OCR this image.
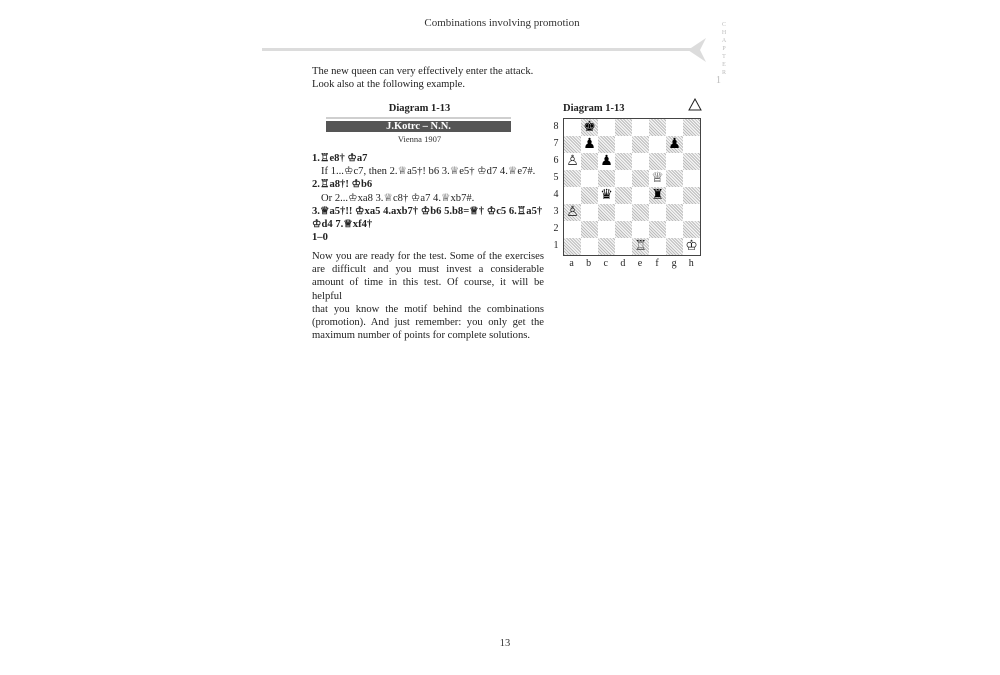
Combinations involving promotion	CHAPTER
1
The new queen can very effectively enter the attack.
Look also at the following example.
Diagram 1-13
J.Kotrc – N.N.
Vienna 1907

1.♖e8† ♔a7

If 1...♔c7, then 2.♕a5†! b6 3.♕e5† ♔d7 4.♕e7#.

2.♖a8†! ♔b6

Or 2...♔xa8 3.♕c8† ♔a7 4.♕xb7#.

3.♕a5†!! ♔xa5 4.axb7† ♔b6 5.b8=♕† ♔c5 6.♖a5†

♔d4 7.♕xf4†

1–0

Now you are ready for the test. Some of the exercises
are difficult and you must invest a considerable
amount of time in this test. Of course, it will be helpful
that you know the motif behind the combinations
(promotion). And just remember: you only get the
maximum number of points for complete solutions.
Diagram 1-13
8
7
6
5
4
3
2
1
♚
♟	♟
♙ ♟
♕
♛	♜
♙
♖	♔
a	b	c	d	e	f	g	h
13
